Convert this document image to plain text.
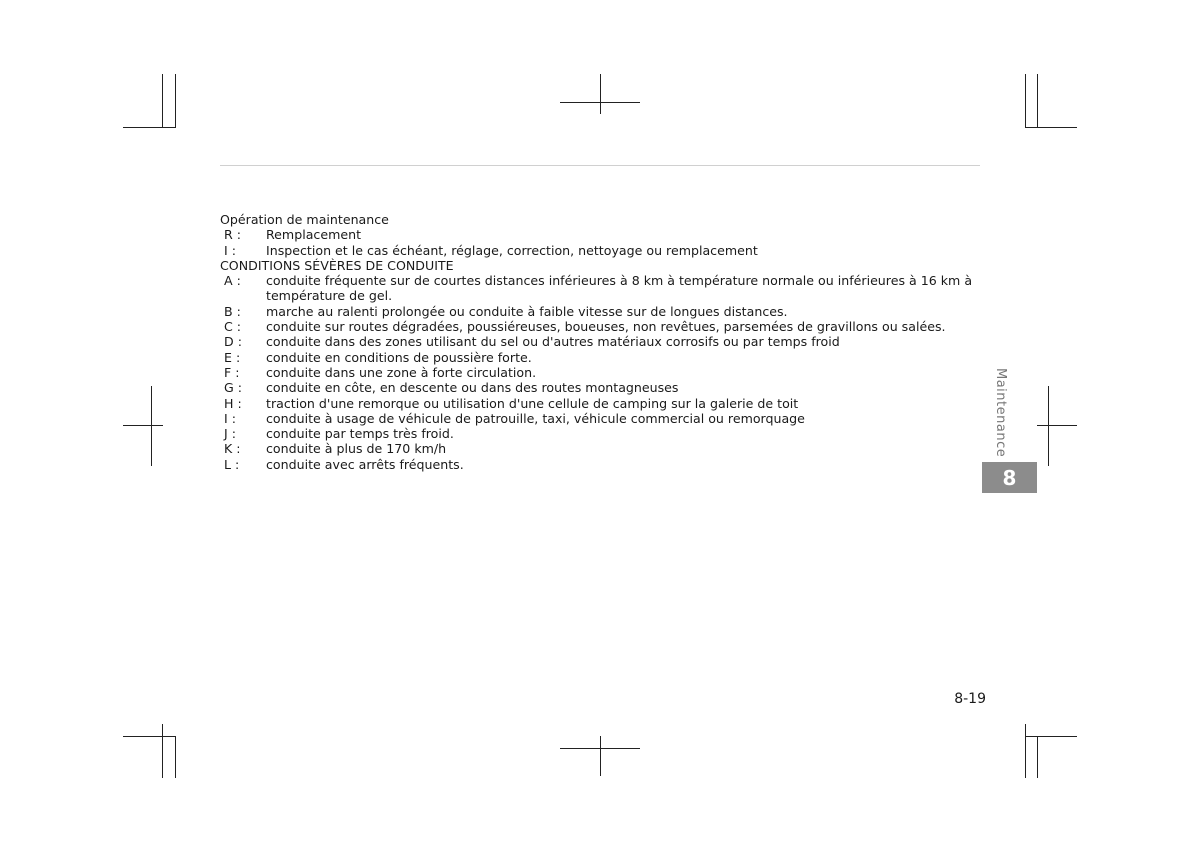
Opération de maintenance
R :	Remplacement
I :	Inspection et le cas échéant, réglage, correction, nettoyage ou remplacement
CONDITIONS SÉVÈRES DE CONDUITE
A :	conduite fréquente sur de courtes distances inférieures à 8 km à température normale ou inférieures à 16 km à température de gel.
B :	marche au ralenti prolongée ou conduite à faible vitesse sur de longues distances.
C :	conduite sur routes dégradées, poussiéreuses, boueuses, non revêtues, parsemées de gravillons ou salées.
D :	conduite dans des zones utilisant du sel ou d'autres matériaux corrosifs ou par temps froid
E :	conduite en conditions de poussière forte.
F :	conduite dans une zone à forte circulation.
G :	conduite en côte, en descente ou dans des routes montagneuses
H :	traction d'une remorque ou utilisation d'une cellule de camping sur la galerie de toit
I :	conduite à usage de véhicule de patrouille, taxi, véhicule commercial ou remorquage
J :	conduite par temps très froid.
K :	conduite à plus de 170 km/h
L :	conduite avec arrêts fréquents.
Maintenance
8
8-19
